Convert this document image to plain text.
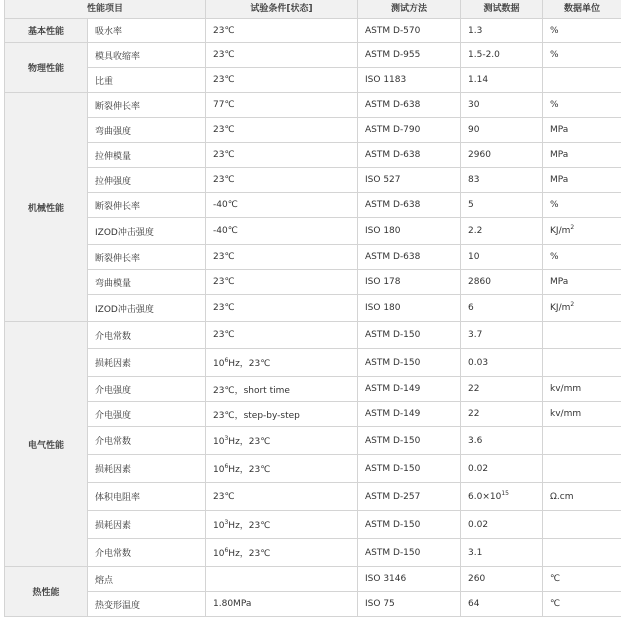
性能项目		试验条件[状态]	测试方法	测试数据	数据单位
基本性能	吸水率	23℃	ASTM D-570	1.3	%
物理性能	模具收缩率	23℃	ASTM D-955	1.5-2.0	%
	比重	23℃	ISO 1183	1.14	
机械性能	断裂伸长率	77℃	ASTM D-638	30	%
	弯曲强度	23℃	ASTM D-790	90	MPa
	拉伸模量	23℃	ASTM D-638	2960	MPa
	拉伸强度	23℃	ISO 527	83	MPa
	断裂伸长率	-40℃	ASTM D-638	5	%
	IZOD冲击强度	-40℃	ISO 180	2.2	$KJ/m^2$
	断裂伸长率	23℃	ASTM D-638	10	%
	弯曲模量	23℃	ISO 178	2860	MPa
	IZOD冲击强度	23℃	ISO 180	6	$KJ/m^2$
电气性能	介电常数	23℃	ASTM D-150	3.7	
	损耗因素	$10^6Hz$，23℃	ASTM D-150	0.03	
	介电强度	23℃，short time	ASTM D-149	22	kv/mm
	介电强度	23℃，step-by-step	ASTM D-149	22	kv/mm
	介电常数	$10^3Hz$，23℃	ASTM D-150	3.6	
	损耗因素	$10^6Hz$，23℃	ASTM D-150	0.02	
	体积电阻率	23℃	ASTM D-257	$6.0\times 10^{15}$	Ω.cm
	损耗因素	$10^3Hz$，23℃	ASTM D-150	0.02	
	介电常数	$10^6Hz$，23℃	ASTM D-150	3.1	
热性能	熔点		ISO 3146	260	℃
	热变形温度	1.80MPa	ISO 75	64	℃
